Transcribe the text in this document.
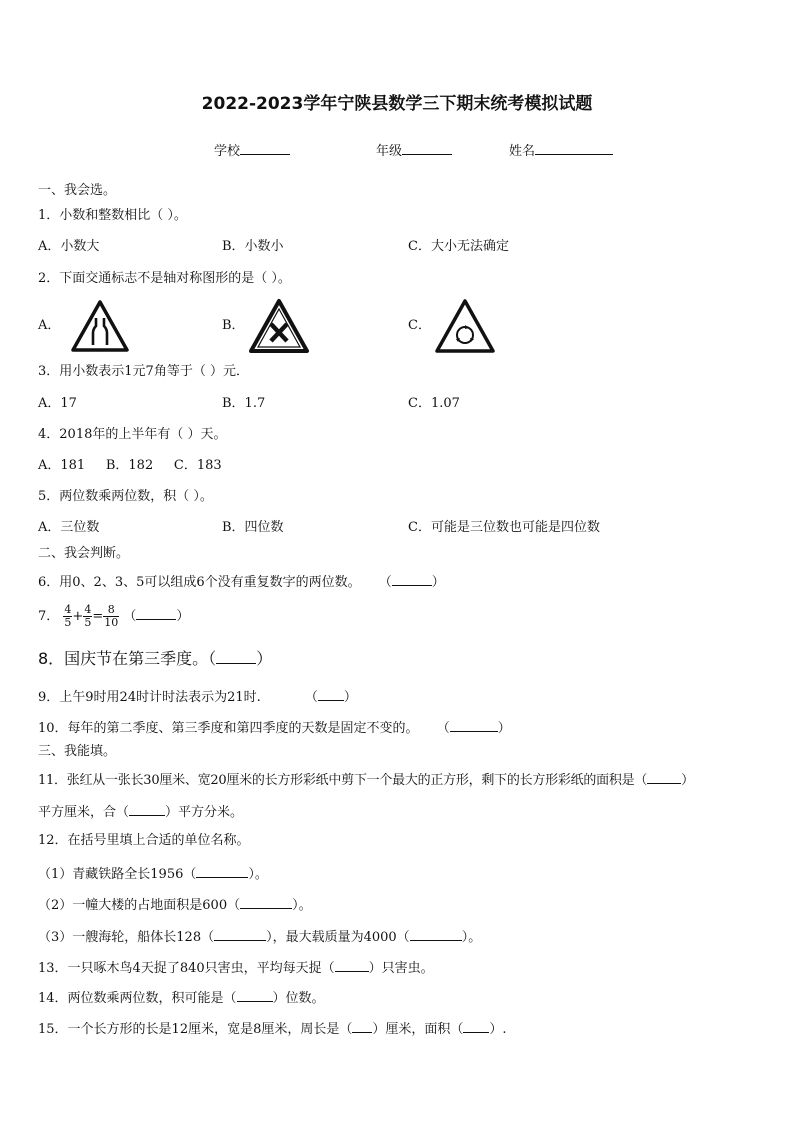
2022-2023学年宁陕县数学三下期末统考模拟试题
学校	年级	姓名
一、我会选。
1．小数和整数相比（ ）。
A．小数大	B．小数小	C．大小无法确定
2．下面交通标志不是轴对称图形的是（ ）。
A．	B．	C．
3．用小数表示1元7角等于（ ）元．
A．17	B．1.7	C．1.07
4．2018年的上半年有（ ）天。
A．181     B．182     C．183
5．两位数乘两位数，积（ ）。
A．三位数	B．四位数	C．可能是三位数也可能是四位数
二、我会判断。
6．用0、2、3、5可以组成6个没有重复数字的两位数。 （	）
7． $\frac{4}{5} + \frac{4}{5} = \frac{8}{10}$ （	）
8．国庆节在第三季度。（	）
9．上午9时用24时计时法表示为21时.	（ ）
10．每年的第二季度、第三季度和第四季度的天数是固定不变的。 （	）
三、我能填。
11．张红从一张长30厘米、宽20厘米的长方形彩纸中剪下一个最大的正方形，剩下的长方形彩纸的面积是（	）
平方厘米，合（	）平方分米。
12．在括号里填上合适的单位名称。
（1）青藏铁路全长1956（	）。
（2）一幢大楼的占地面积是600（	）。
（3）一艘海轮，船体长128（	），最大载质量为4000（	）。
13．一只啄木鸟4天捉了840只害虫，平均每天捉（	）只害虫。
14．两位数乘两位数，积可能是（	）位数。
15．一个长方形的长是12厘米，宽是8厘米，周长是（ ）厘米，面积（ ）.
